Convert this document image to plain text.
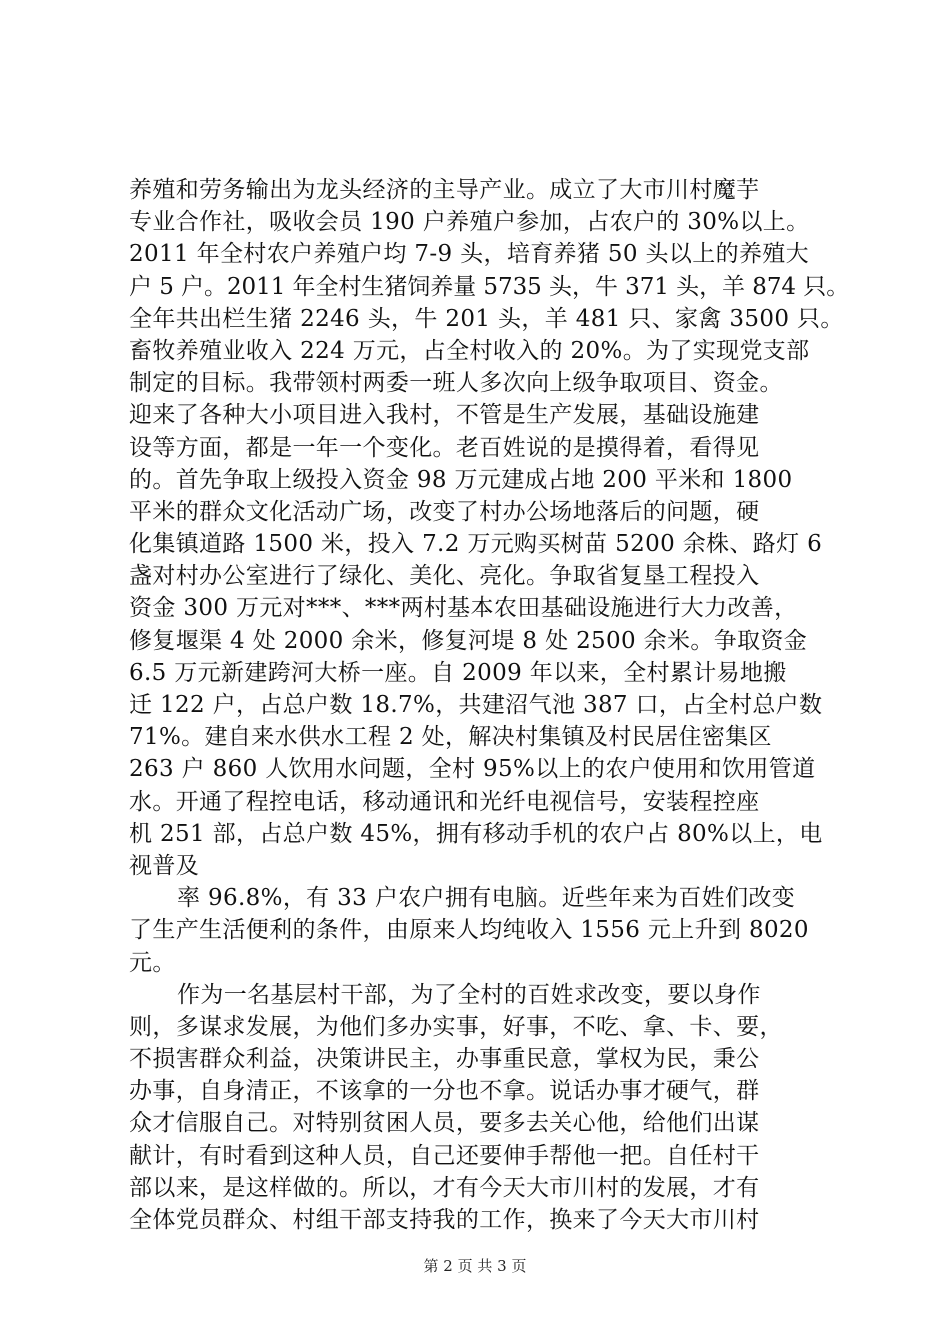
养殖和劳务输出为龙头经济的主导产业。成立了大市川村魔芋
专业合作社，吸收会员 190 户养殖户参加，占农户的 30%以上。
2011 年全村农户养殖户均 7-9 头，培育养猪 50 头以上的养殖大
户 5 户。2011 年全村生猪饲养量 5735 头，牛 371 头，羊 874 只。
全年共出栏生猪 2246 头，牛 201 头，羊 481 只、家禽 3500 只。
畜牧养殖业收入 224 万元，占全村收入的 20%。为了实现党支部
制定的目标。我带领村两委一班人多次向上级争取项目、资金。
迎来了各种大小项目进入我村，不管是生产发展，基础设施建
设等方面，都是一年一个变化。老百姓说的是摸得着，看得见
的。首先争取上级投入资金 98 万元建成占地 200 平米和 1800
平米的群众文化活动广场，改变了村办公场地落后的问题，硬
化集镇道路 1500 米，投入 7.2 万元购买树苗 5200 余株、路灯 6
盏对村办公室进行了绿化、美化、亮化。争取省复垦工程投入
资金 300 万元对***、***两村基本农田基础设施进行大力改善，
修复堰渠 4 处 2000 余米，修复河堤 8 处 2500 余米。争取资金
6.5 万元新建跨河大桥一座。自 2009 年以来，全村累计易地搬
迁 122 户，占总户数 18.7%，共建沼气池 387 口，占全村总户数
71%。建自来水供水工程 2 处，解决村集镇及村民居住密集区
263 户 860 人饮用水问题，全村 95%以上的农户使用和饮用管道
水。开通了程控电话，移动通讯和光纤电视信号，安装程控座
机 251 部，占总户数 45%，拥有移动手机的农户占 80%以上，电
视普及
率 96.8%，有 33 户农户拥有电脑。近些年来为百姓们改变
了生产生活便利的条件，由原来人均纯收入 1556 元上升到 8020
元。
作为一名基层村干部，为了全村的百姓求改变，要以身作
则，多谋求发展，为他们多办实事，好事，不吃、拿、卡、要，
不损害群众利益，决策讲民主，办事重民意，掌权为民，秉公
办事，自身清正，不该拿的一分也不拿。说话办事才硬气，群
众才信服自己。对特别贫困人员，要多去关心他，给他们出谋
献计，有时看到这种人员，自己还要伸手帮他一把。自任村干
部以来，是这样做的。所以，才有今天大市川村的发展，才有
全体党员群众、村组干部支持我的工作，换来了今天大市川村
第 2 页 共 3 页
